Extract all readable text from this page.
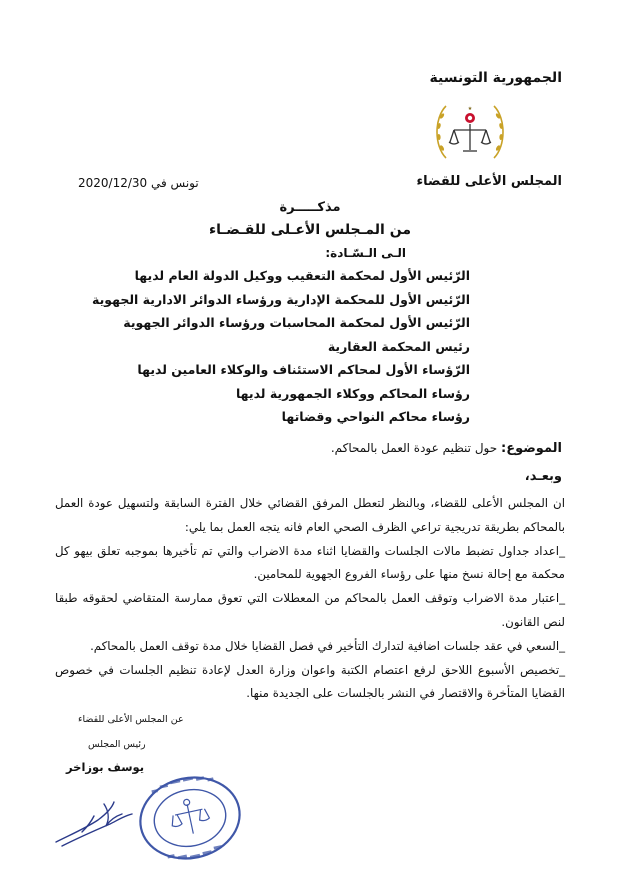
الجمهورية التونسية
★
المجلس الأعلى للقضاء
تونس في 2020/12/30
مذكـــــرة
من المـجلس الأعـلى للقـضـاء
الـى الـسّـادة:
الرّئيس الأول لمحكمة التعقيب ووكيل الدولة العام لديها
الرّئيس الأول للمحكمة الإدارية ورؤساء الدوائر الادارية الجهوية
الرّئيس الأول لمحكمة المحاسبات ورؤساء الدوائر الجهوية
رئيس المحكمة العقارية
الرّؤساء الأول لمحاكم الاستئناف والوكلاء العامين لديها
رؤساء المحاكم ووكلاء الجمهورية لديها
رؤساء محاكم النواحي وقضاتها
الموضوع: حول تنظيم عودة العمل بالمحاكم.
وبعـد،

ان المجلس الأعلى للقضاء، وبالنظر لتعطل المرفق القضائي خلال الفترة السابقة ولتسهيل عودة العمل بالمحاكم بطريقة تدريجية تراعي الظرف الصحي العام فانه يتجه العمل بما يلي:

_اعداد جداول تضبط مالات الجلسات والقضايا اثناء مدة الاضراب والتي تم تأخيرها بموجبه تعلق بيهو كل محكمة مع إحالة نسخ منها على رؤساء الفروع الجهوية للمحامين.

_اعتبار مدة الاضراب وتوقف العمل بالمحاكم من المعطلات التي تعوق ممارسة المتقاضي لحقوقه طبقا لنص القانون.

_السعي في عقد جلسات اضافية لتدارك التأخير في فصل القضايا خلال مدة توقف العمل بالمحاكم.

_تخصيص الأسبوع اللاحق لرفع اعتصام الكتبة واعوان وزارة العدل لإعادة تنظيم الجلسات في خصوص القضايا المتأخرة والاقتصار في النشر بالجلسات على الجديدة منها.

عن المجلس الأعلى للقضاء
رئيس المجلس
يوسف بوزاخر
